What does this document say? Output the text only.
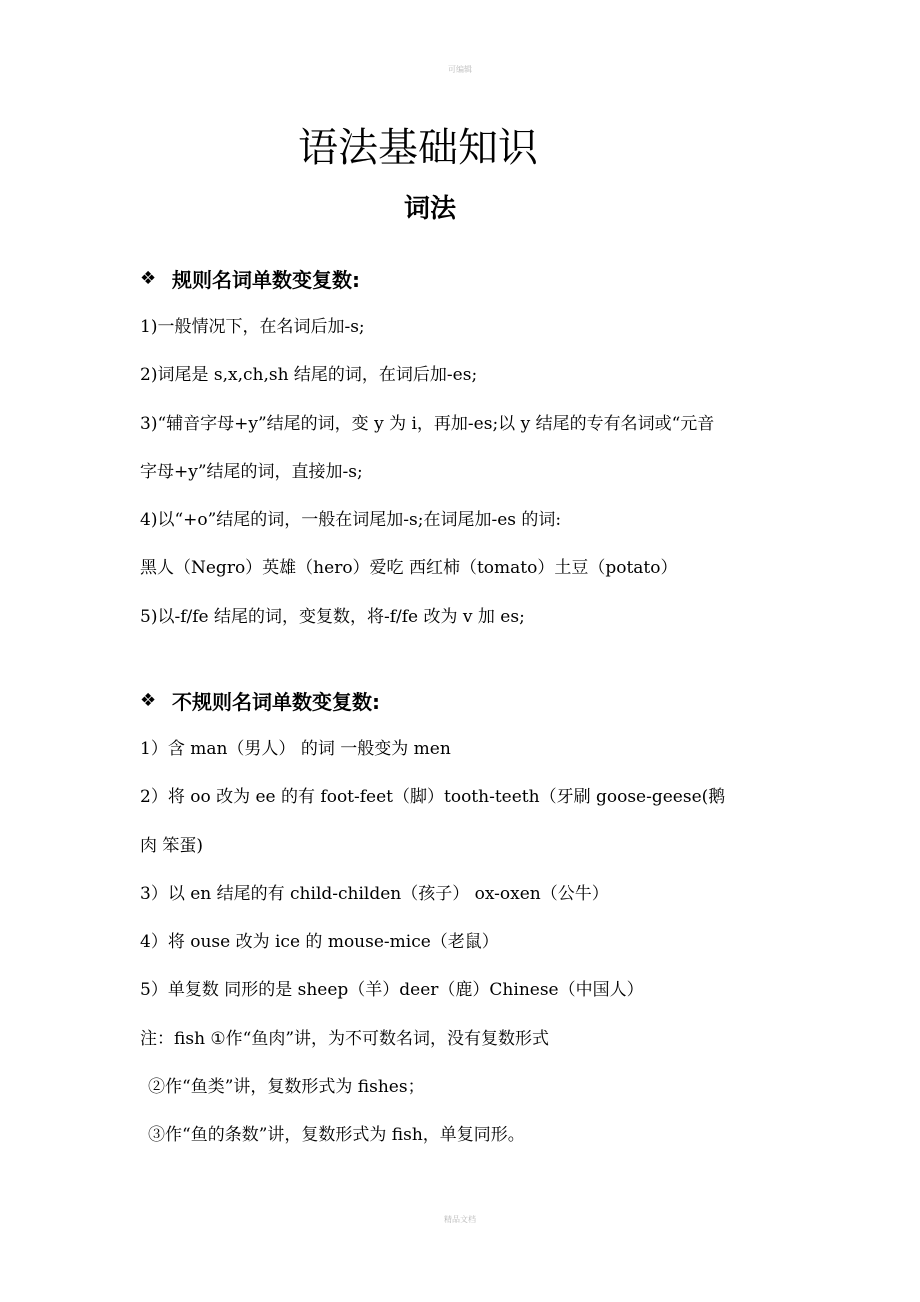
可编辑
语法基础知识
词法
❖ 规则名词单数变复数:

1)一般情况下，在名词后加-s;

2)词尾是 s,x,ch,sh 结尾的词，在词后加-es;

3)“辅音字母+y”结尾的词，变 y 为 i，再加-es;以 y 结尾的专有名词或“元音

字母+y”结尾的词，直接加-s;

4)以“+o”结尾的词，一般在词尾加-s;在词尾加-es 的词:

黑人（Negro）英雄（hero）爱吃 西红柿（tomato）土豆（potato）

5)以-f/fe 结尾的词，变复数，将-f/fe 改为 v 加 es;

❖ 不规则名词单数变复数:

1）含 man（男人） 的词 一般变为 men

2）将 oo 改为 ee 的有 foot-feet（脚）tooth-teeth（牙刷 goose-geese(鹅

肉 笨蛋)

3）以 en 结尾的有 child-childen（孩子） ox-oxen（公牛）

4）将 ouse 改为 ice 的 mouse-mice（老鼠）

5）单复数 同形的是 sheep（羊）deer（鹿）Chinese（中国人）

注：fish ①作“鱼肉”讲，为不可数名词，没有复数形式

②作“鱼类”讲，复数形式为 fishes；

③作“鱼的条数”讲，复数形式为 fish，单复同形。

精品文档
